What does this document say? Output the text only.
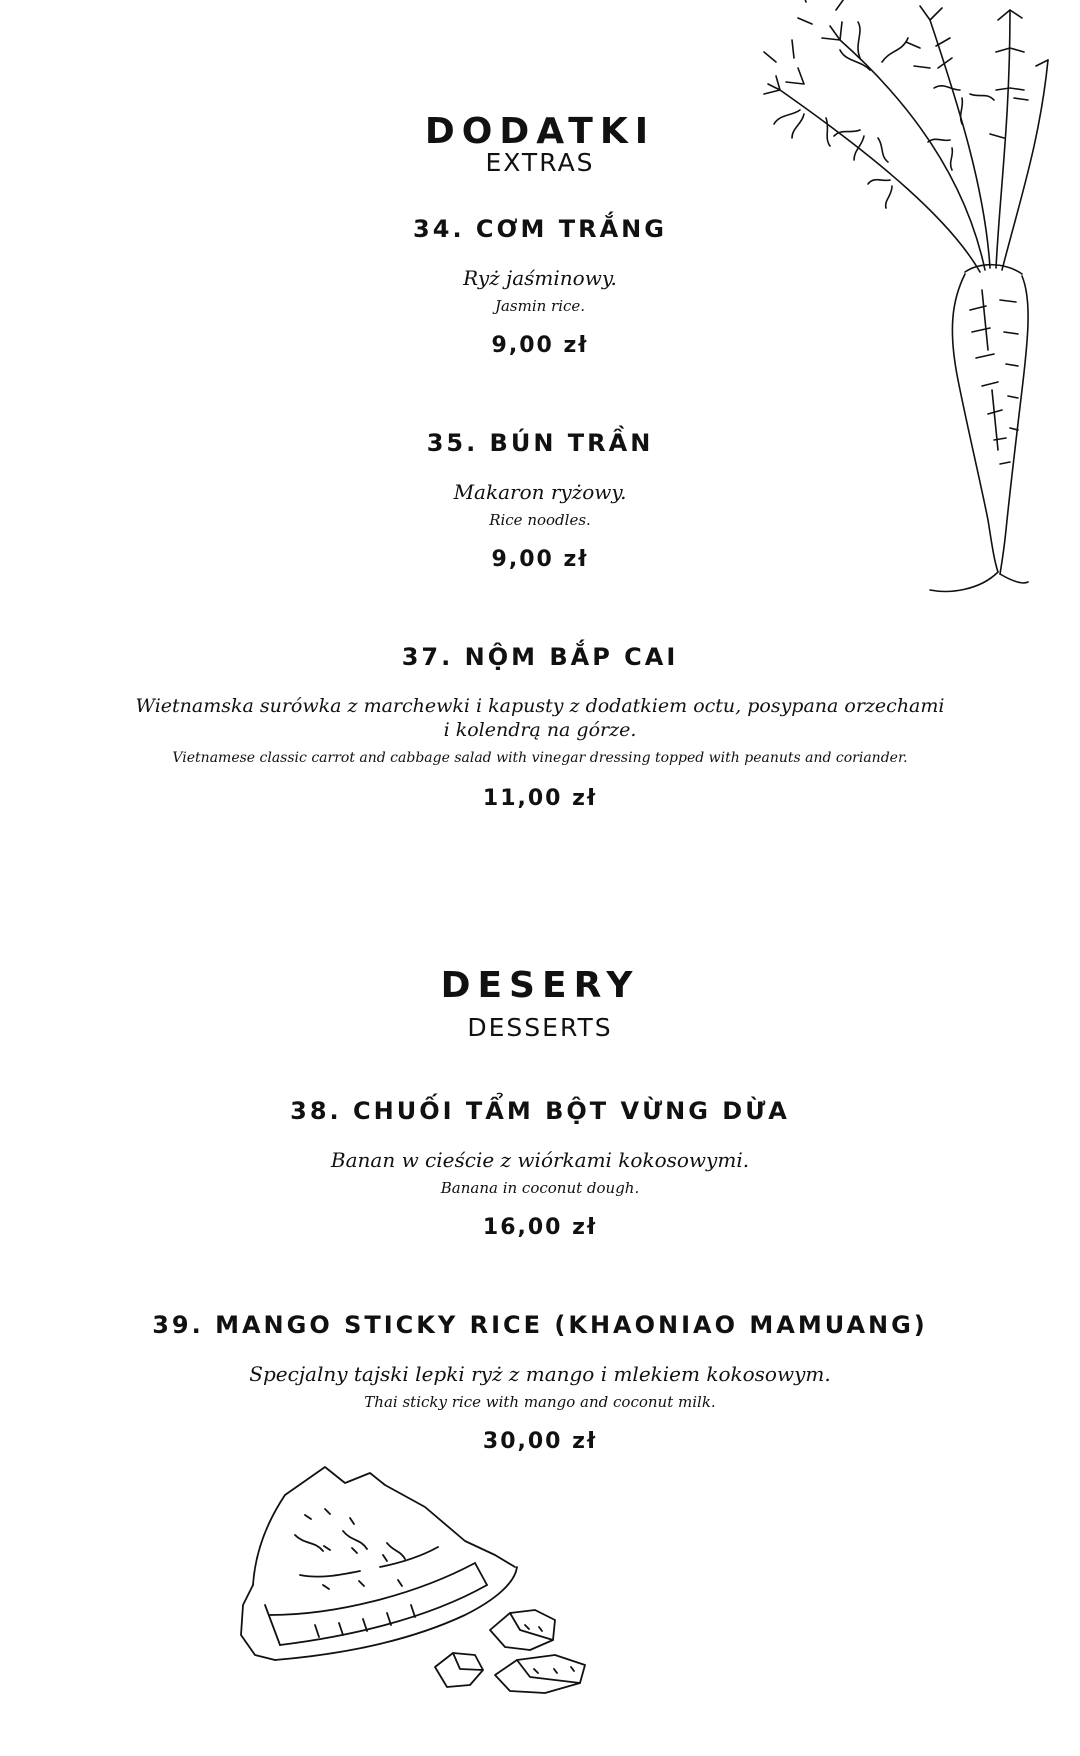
DODATKI
EXTRAS
34. CƠM TRẮNG
Ryż jaśminowy.
Jasmin rice.
9,00 zł
35. BÚN TRẦN
Makaron ryżowy.
Rice noodles.
9,00 zł
37. NỘM BẮP CAI
Wietnamska surówka z marchewki i kapusty z dodatkiem octu, posypana orzechami
i kolendrą na górze.
Vietnamese classic carrot and cabbage salad with vinegar dressing topped with peanuts and coriander.
11,00 zł
DESERY
DESSERTS
38. CHUỐI TẨM BỘT VỪNG DỪA
Banan w cieście z wiórkami kokosowymi.
Banana in coconut dough.
16,00 zł
39. MANGO STICKY RICE (KHAONIAO MAMUANG)
Specjalny tajski lepki ryż z mango i mlekiem kokosowym.
Thai sticky rice with mango and coconut milk.
30,00 zł
